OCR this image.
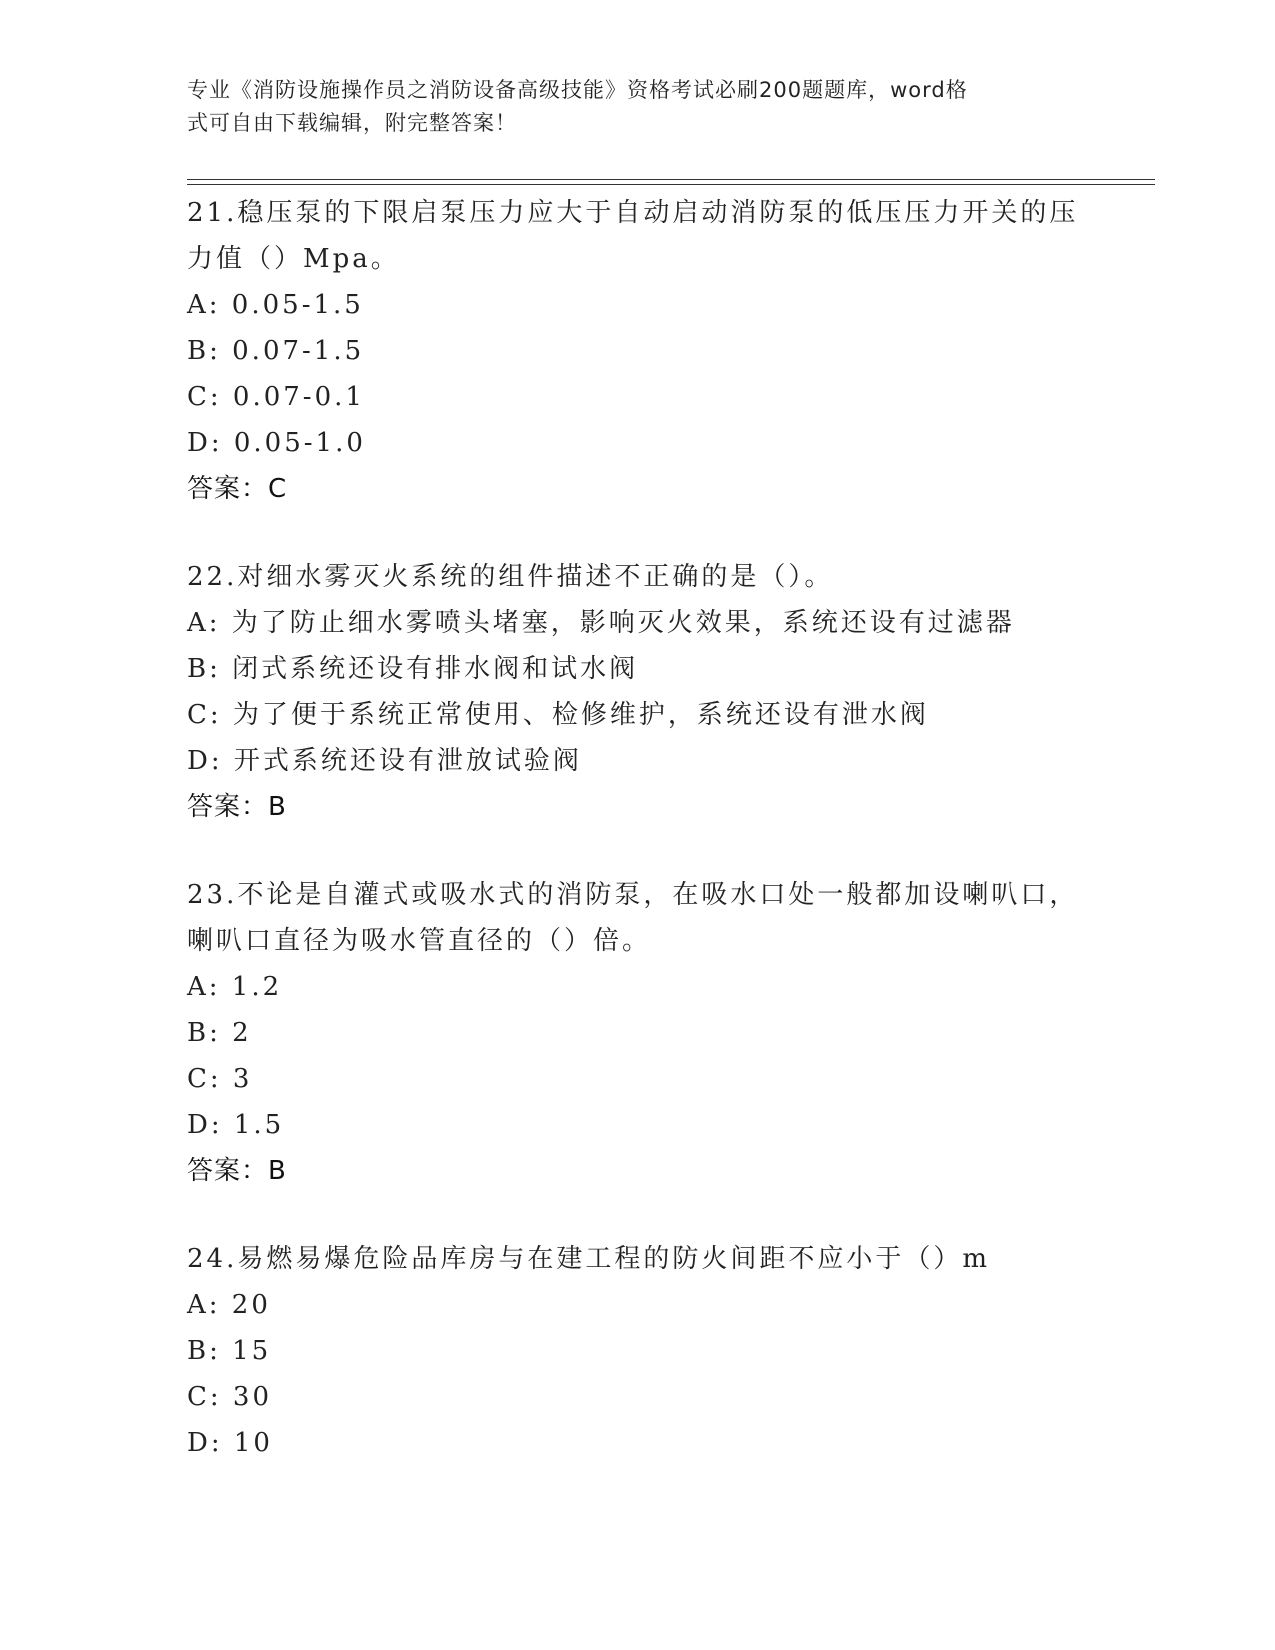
专业《消防设施操作员之消防设备高级技能》资格考试必刷200题题库，word格
式可自由下载编辑，附完整答案！

21.稳压泵的下限启泵压力应大于自动启动消防泵的低压压力开关的压

力值（）Mpa。

A: 0.05-1.5

B: 0.07-1.5

C: 0.07-0.1

D: 0.05-1.0

答案：C

22.对细水雾灭火系统的组件描述不正确的是（）。

A: 为了防止细水雾喷头堵塞，影响灭火效果，系统还设有过滤器

B: 闭式系统还设有排水阀和试水阀

C: 为了便于系统正常使用、检修维护，系统还设有泄水阀

D: 开式系统还设有泄放试验阀

答案：B

23.不论是自灌式或吸水式的消防泵，在吸水口处一般都加设喇叭口，

喇叭口直径为吸水管直径的（）倍。

A: 1.2

B: 2

C: 3

D: 1.5

答案：B

24.易燃易爆危险品库房与在建工程的防火间距不应小于（）m

A: 20

B: 15

C: 30

D: 10
